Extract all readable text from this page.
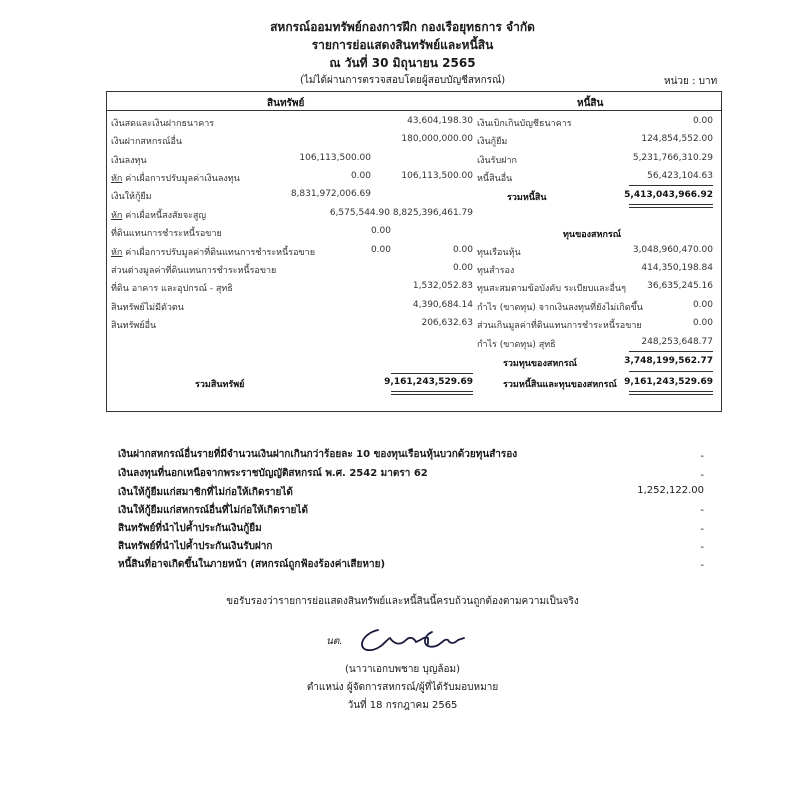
สหกรณ์ออมทรัพย์กองการฝึก กองเรือยุทธการ จำกัด
รายการย่อแสดงสินทรัพย์และหนี้สิน
ณ วันที่ 30 มิถุนายน 2565
(ไม่ได้ผ่านการตรวจสอบโดยผู้สอบบัญชีสหกรณ์)	หน่วย : บาท
สินทรัพย์	หนี้สิน
เงินสดและเงินฝากธนาคาร	43,604,198.30
เงินฝากสหกรณ์อื่น	180,000,000.00
เงินลงทุน	106,113,500.00
หัก ค่าเผื่อการปรับมูลค่าเงินลงทุน	0.00	106,113,500.00
เงินให้กู้ยืม	8,831,972,006.69
หัก ค่าเผื่อหนี้สงสัยจะสูญ	6,575,544.90 8,825,396,461.79
ที่ดินแทนการชำระหนี้รอขาย	0.00
หัก ค่าเผื่อการปรับมูลค่าที่ดินแทนการชำระหนี้รอขาย	0.00	0.00
ส่วนต่างมูลค่าที่ดินแทนการชำระหนี้รอขาย	0.00
ที่ดิน อาคาร และอุปกรณ์ - สุทธิ	1,532,052.83
สินทรัพย์ไม่มีตัวตน	4,390,684.14
สินทรัพย์อื่น	206,632.63
เงินเบิกเกินบัญชีธนาคาร	0.00
เงินกู้ยืม	124,854,552.00
เงินรับฝาก	5,231,766,310.29
หนี้สินอื่น	56,423,104.63
รวมหนี้สิน	5,413,043,966.92
ทุนของสหกรณ์
ทุนเรือนหุ้น	3,048,960,470.00
ทุนสำรอง	414,350,198.84
ทุนสะสมตามข้อบังคับ ระเบียบและอื่นๆ 36,635,245.16
กำไร (ขาดทุน) จากเงินลงทุนที่ยังไม่เกิดขึ้น	0.00
ส่วนเกินมูลค่าที่ดินแทนการชำระหนี้รอขาย	0.00
กำไร (ขาดทุน) สุทธิ	248,253,648.77
รวมทุนของสหกรณ์	3,748,199,562.77
รวมสินทรัพย์	9,161,243,529.69	รวมหนี้สินและทุนของสหกรณ์ 9,161,243,529.69
เงินฝากสหกรณ์อื่นรายที่มีจำนวนเงินฝากเกินกว่าร้อยละ 10 ของทุนเรือนหุ้นบวกด้วยทุนสำรอง	-
เงินลงทุนที่นอกเหนือจากพระราชบัญญัติสหกรณ์ พ.ศ. 2542 มาตรา 62	-
เงินให้กู้ยืมแก่สมาชิกที่ไม่ก่อให้เกิดรายได้	1,252,122.00
เงินให้กู้ยืมแก่สหกรณ์อื่นที่ไม่ก่อให้เกิดรายได้	-
สินทรัพย์ที่นำไปค้ำประกันเงินกู้ยืม	-
สินทรัพย์ที่นำไปค้ำประกันเงินรับฝาก	-
หนี้สินที่อาจเกิดขึ้นในภายหน้า (สหกรณ์ถูกฟ้องร้องค่าเสียหาย)	-
ขอรับรองว่ารายการย่อแสดงสินทรัพย์และหนี้สินนี้ครบถ้วนถูกต้องตามความเป็นจริง
นต.
(นาวาเอกบพชาย บุญล้อม)
ตำแหน่ง ผู้จัดการสหกรณ์/ผู้ที่ได้รับมอบหมาย
วันที่ 18 กรกฎาคม 2565
